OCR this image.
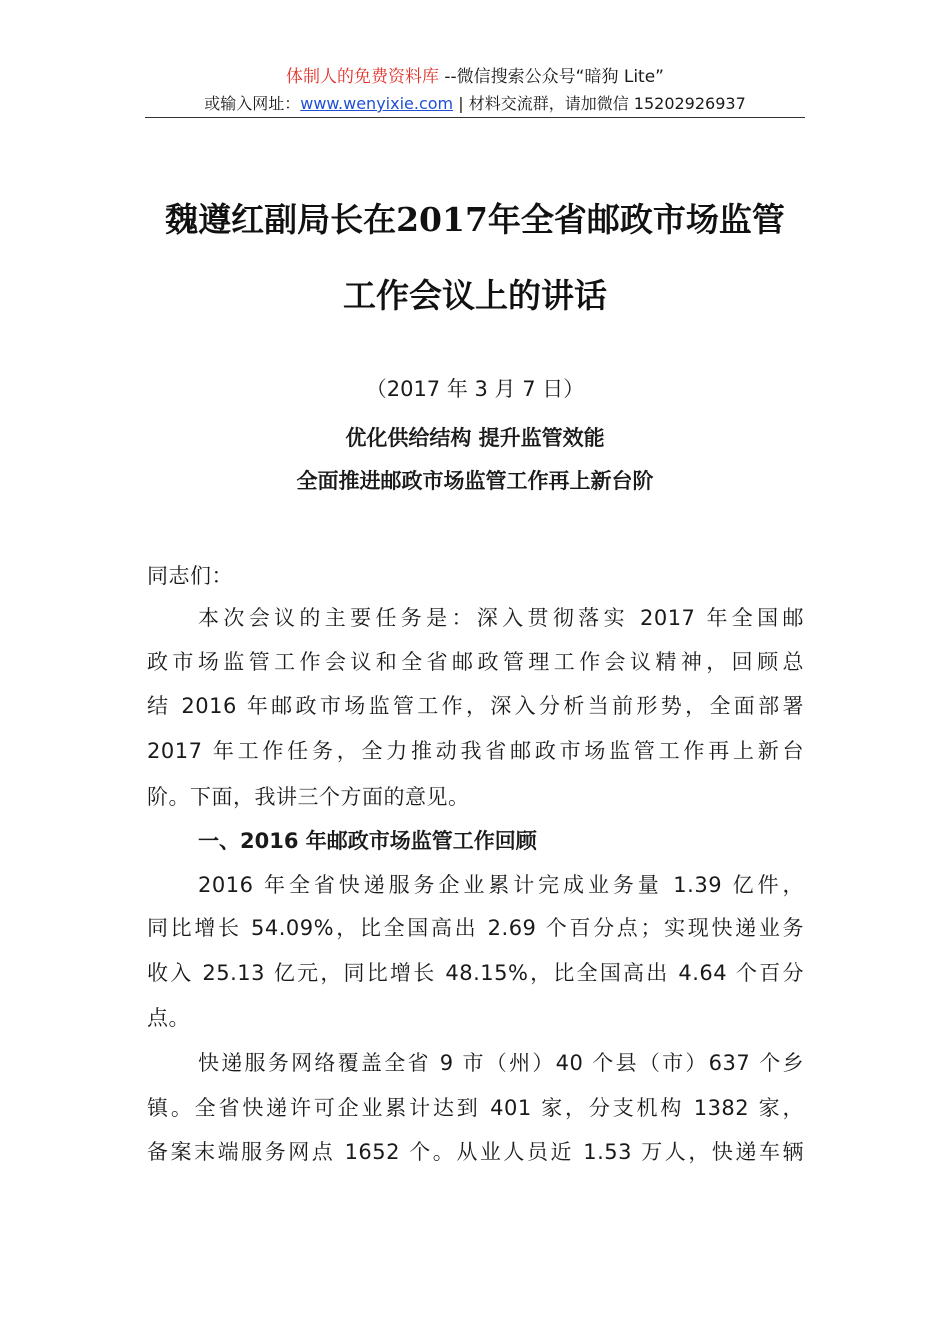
体制人的免费资料库 --微信搜索公众号“暗狗 Lite”
或输入网址：www.wenyixie.com | 材料交流群，请加微信 15202926937
魏遵红副局长在2017年全省邮政市场监管
工作会议上的讲话
（2017 年 3 月 7 日）
优化供给结构 提升监管效能
全面推进邮政市场监管工作再上新台阶
同志们：
本次会议的主要任务是：深入贯彻落实 2017 年全国邮
政市场监管工作会议和全省邮政管理工作会议精神，回顾总
结 2016 年邮政市场监管工作，深入分析当前形势，全面部署
2017 年工作任务，全力推动我省邮政市场监管工作再上新台
阶。下面，我讲三个方面的意见。
一、2016 年邮政市场监管工作回顾
2016 年全省快递服务企业累计完成业务量 1.39 亿件，
同比增长 54.09%，比全国高出 2.69 个百分点；实现快递业务
收入 25.13 亿元，同比增长 48.15%，比全国高出 4.64 个百分
点。
快递服务网络覆盖全省 9 市（州）40 个县（市）637 个乡
镇。全省快递许可企业累计达到 401 家，分支机构 1382 家，
备案末端服务网点 1652 个。从业人员近 1.53 万人，快递车辆
